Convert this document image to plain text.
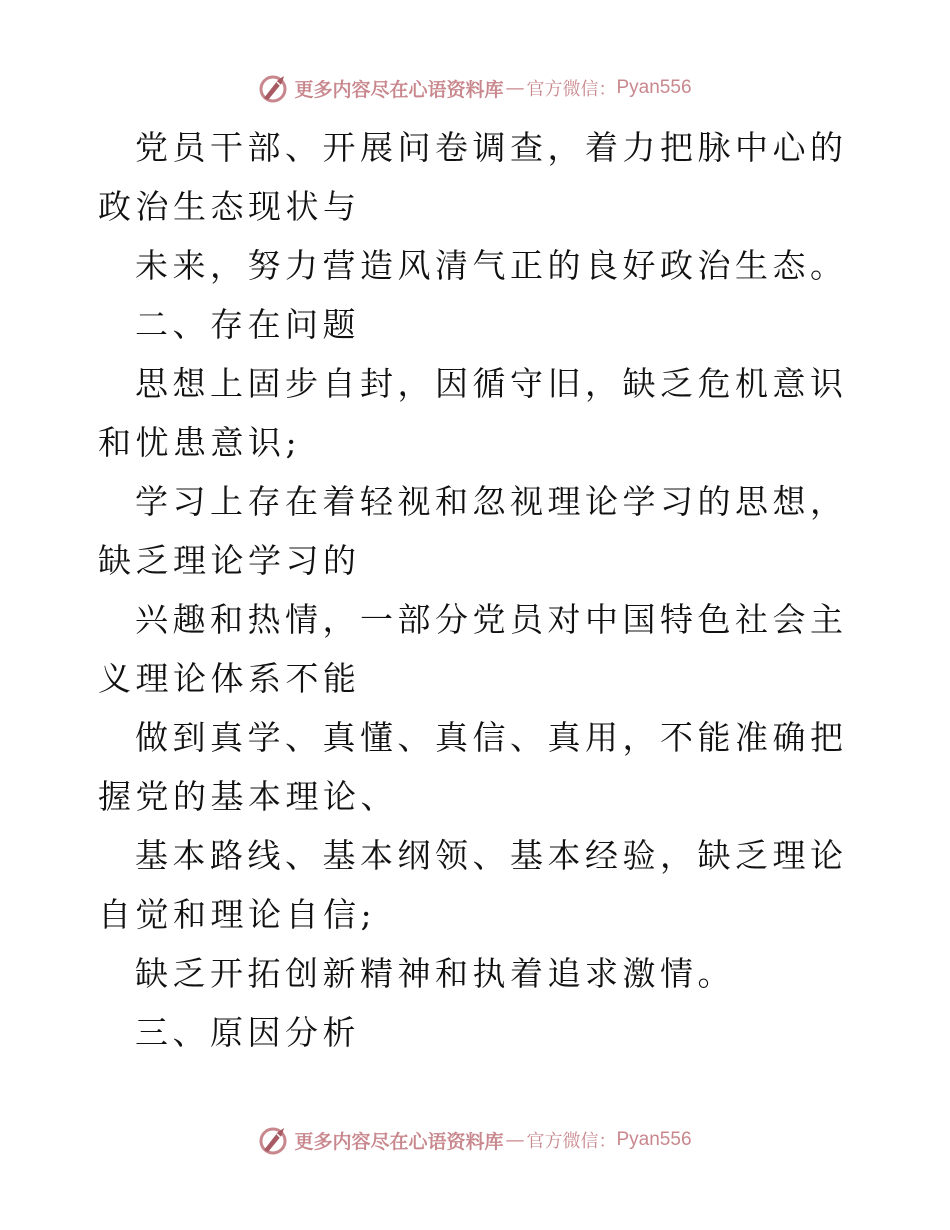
更多内容尽在心语资料库 — 官方微信： Pyan556

党员干部、开展问卷调查，着力把脉中心的政治生态现状与

未来，努力营造风清气正的良好政治生态。

二、存在问题

思想上固步自封，因循守旧，缺乏危机意识和忧患意识;

学习上存在着轻视和忽视理论学习的思想，缺乏理论学习的

兴趣和热情，一部分党员对中国特色社会主义理论体系不能

做到真学、真懂、真信、真用，不能准确把握党的基本理论、

基本路线、基本纲领、基本经验，缺乏理论自觉和理论自信;

缺乏开拓创新精神和执着追求激情。

三、原因分析

更多内容尽在心语资料库 — 官方微信： Pyan556
